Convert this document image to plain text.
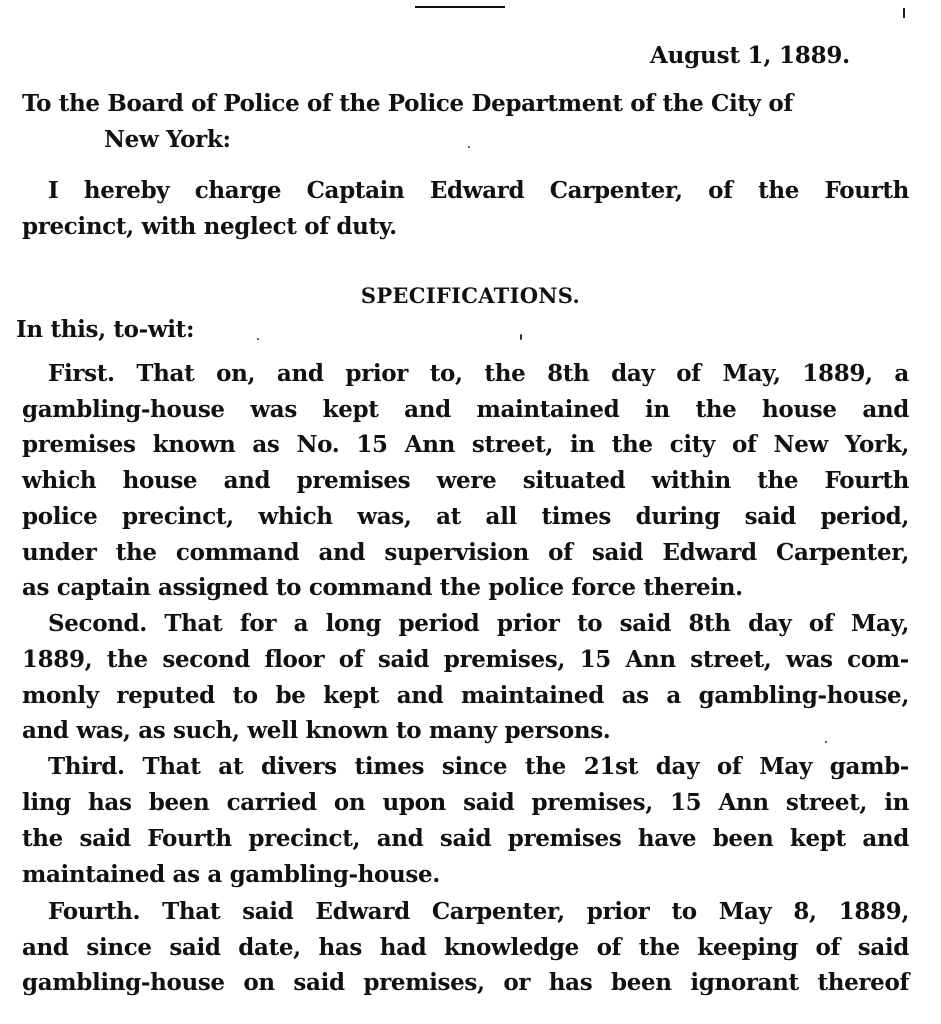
August 1, 1889.
To the Board of Police of the Police Department of the City of
New York:
I hereby charge Captain Edward Carpenter, of the Fourth
precinct, with neglect of duty.
SPECIFICATIONS.
In this, to-wit:
First. That on, and prior to, the 8th day of May, 1889, a
gambling-house was kept and maintained in the house and
premises known as No. 15 Ann street, in the city of New York,
which house and premises were situated within the Fourth
police precinct, which was, at all times during said period,
under the command and supervision of said Edward Carpenter,
as captain assigned to command the police force therein.
Second. That for a long period prior to said 8th day of May,
1889, the second floor of said premises, 15 Ann street, was com-
monly reputed to be kept and maintained as a gambling-house,
and was, as such, well known to many persons.
Third. That at divers times since the 21st day of May gamb-
ling has been carried on upon said premises, 15 Ann street, in
the said Fourth precinct, and said premises have been kept and
maintained as a gambling-house.
Fourth. That said Edward Carpenter, prior to May 8, 1889,
and since said date, has had knowledge of the keeping of said
gambling-house on said premises, or has been ignorant thereof
